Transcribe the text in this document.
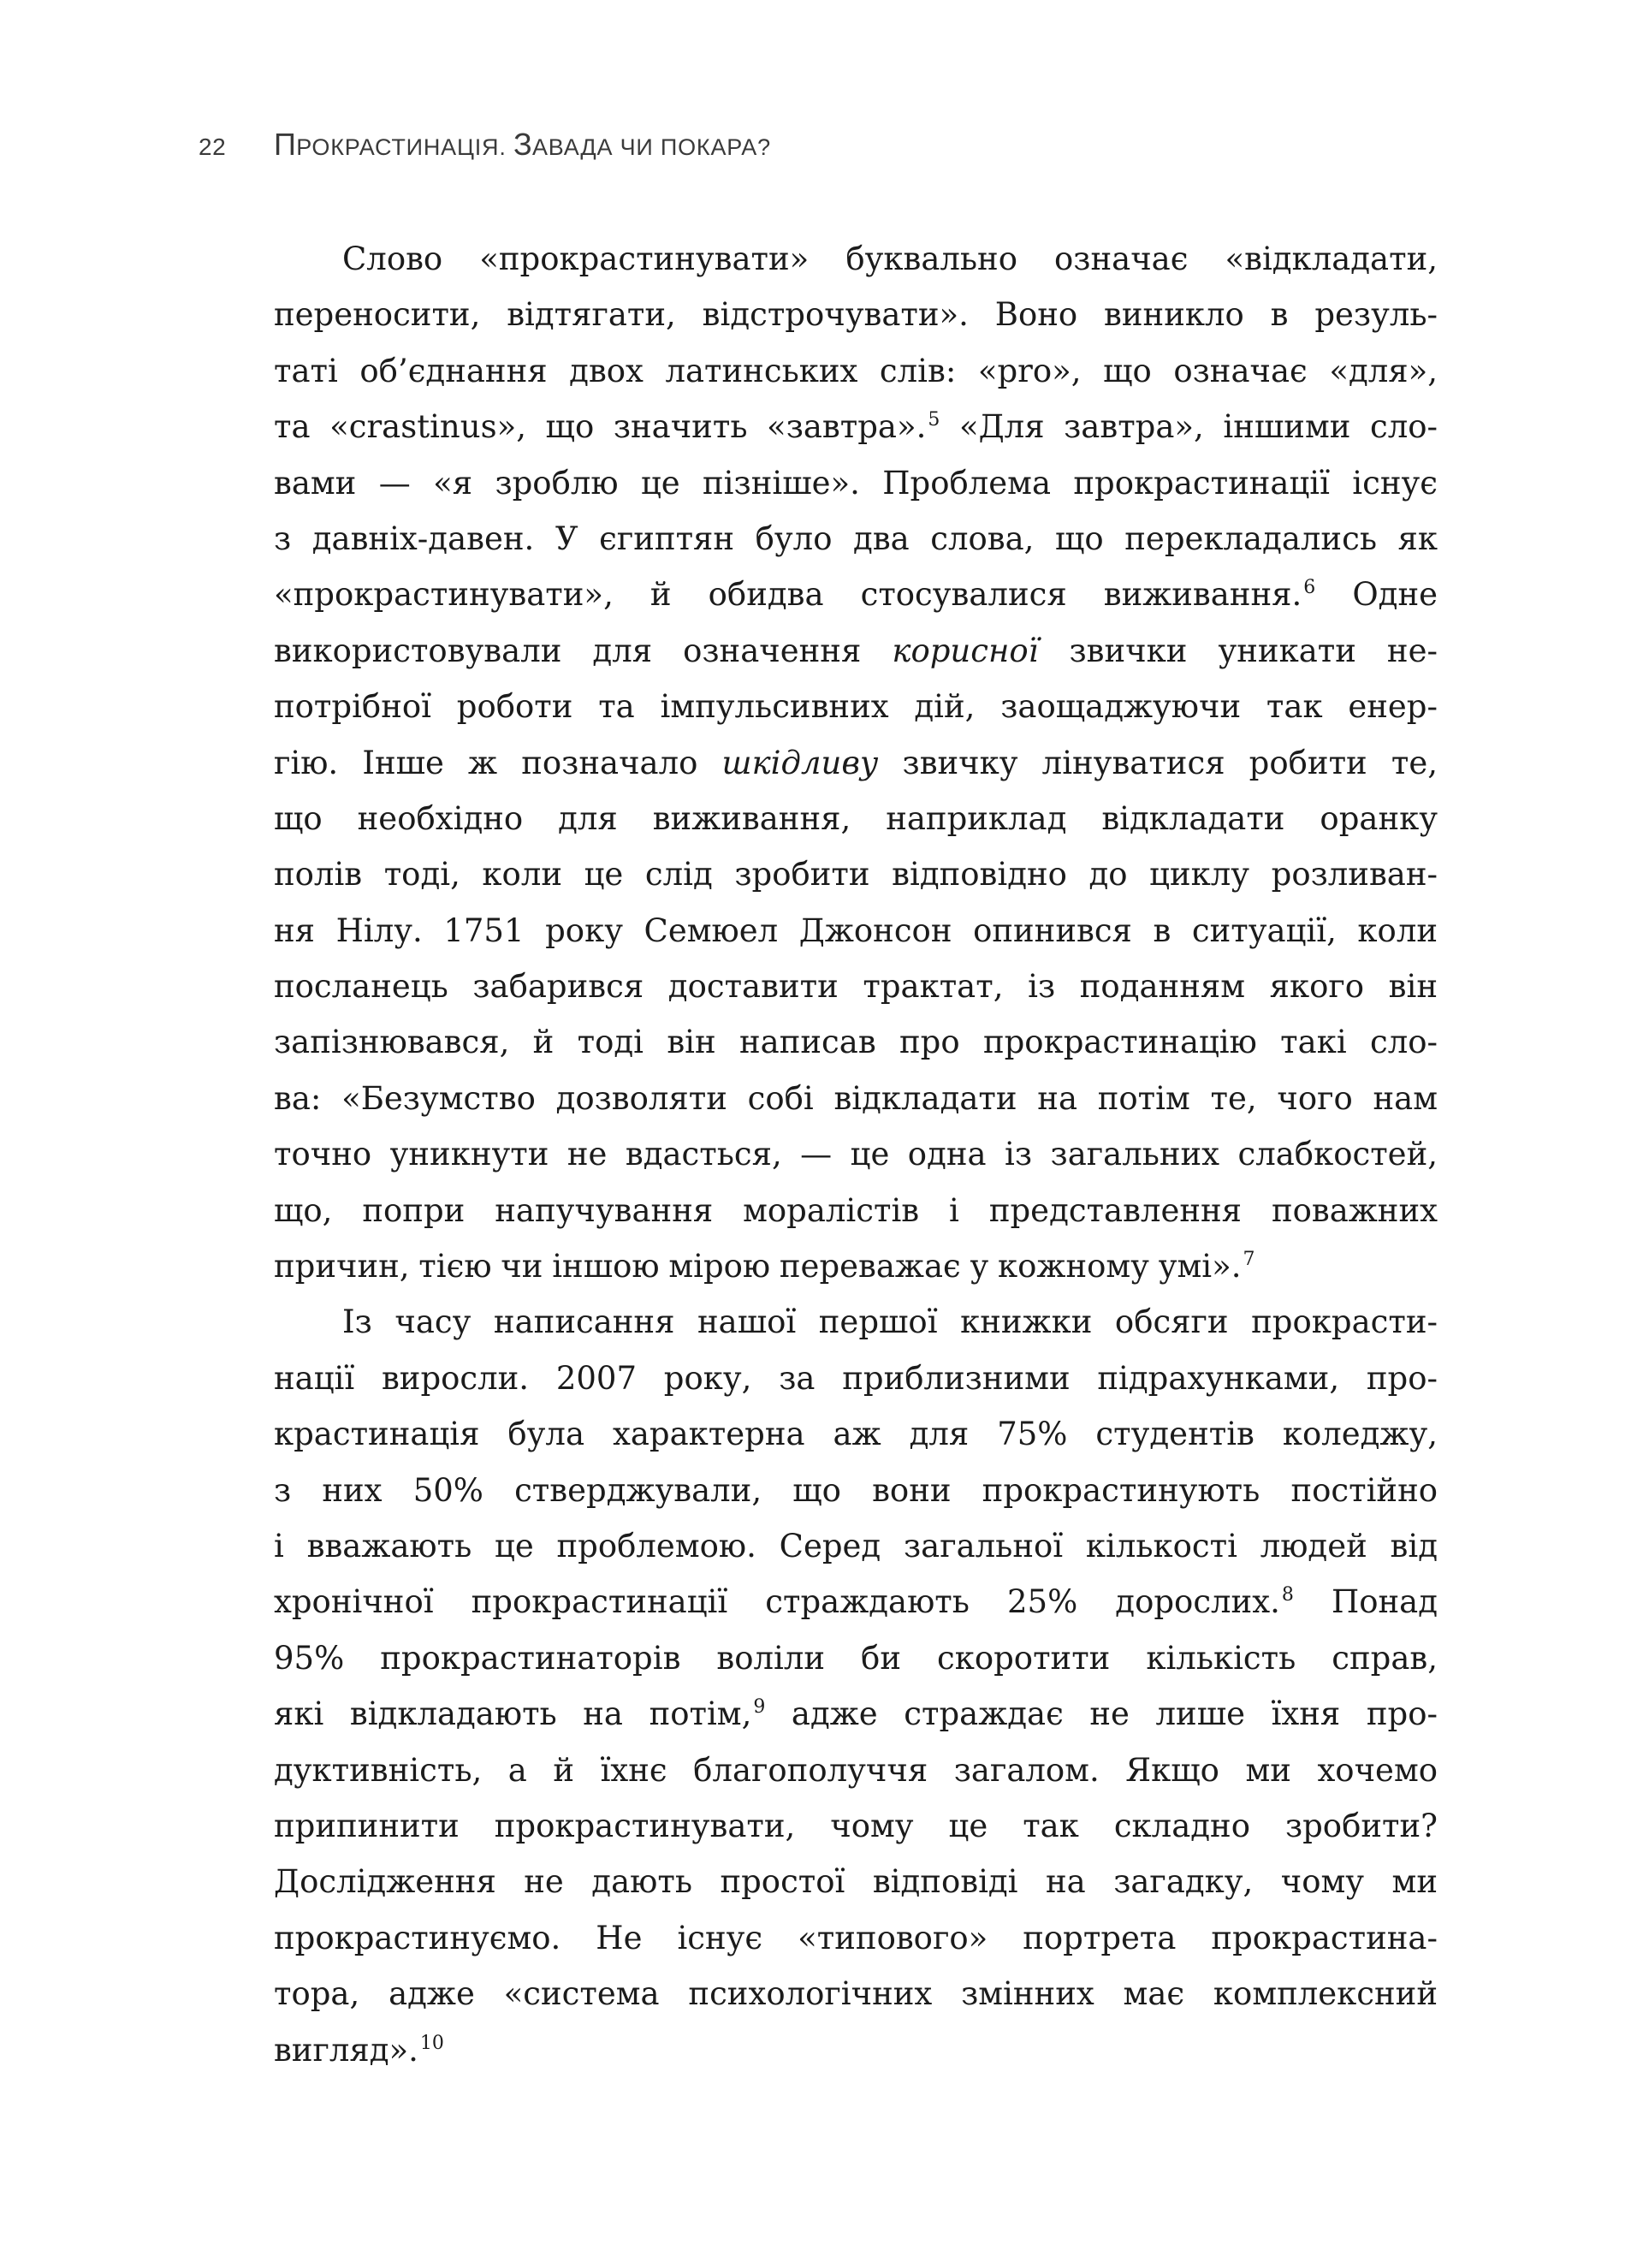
22	ПРОКРАСТИНАЦІЯ. ЗАВАДА ЧИ ПОКАРА?
Слово «прокрастинувати» буквально означає «відкладати,
переносити, відтягати, відстрочувати». Воно виникло в резуль-
таті об’єднання двох латинських слів: «pro», що означає «для»,
та «crastinus», що значить «завтра».$^5$ «Для завтра», іншими сло-
вами — «я зроблю це пізніше». Проблема прокрастинації існує
з давніх-давен. У єгиптян було два слова, що перекладались як
«прокрастинувати», й обидва стосувалися виживання.$^6$ Одне
використовували для означення корисної звички уникати не-
потрібної роботи та імпульсивних дій, заощаджуючи так енер-
гію. Інше ж позначало шкідливу звичку лінуватися робити те,
що необхідно для виживання, наприклад відкладати оранку
полів тоді, коли це слід зробити відповідно до циклу розливан-
ня Нілу. 1751 року Семюел Джонсон опинився в ситуації, коли
посланець забарився доставити трактат, із поданням якого він
запізнювався, й тоді він написав про прокрастинацію такі сло-
ва: «Безумство дозволяти собі відкладати на потім те, чого нам
точно уникнути не вдасться, — це одна із загальних слабкостей,
що, попри напучування моралістів і представлення поважних
причин, тією чи іншою мірою переважає у кожному умі».$^7$
Із часу написання нашої першої книжки обсяги прокрасти-
нації виросли. 2007 року, за приблизними підрахунками, про-
крастинація була характерна аж для 75% студентів коледжу,
з них 50% стверджували, що вони прокрастинують постійно
і вважають це проблемою. Серед загальної кількості людей від
хронічної прокрастинації страждають 25% дорослих.$^8$ Понад
95% прокрастинаторів воліли би скоротити кількість справ,
які відкладають на потім,$^9$ адже страждає не лише їхня про-
дуктивність, а й їхнє благополуччя загалом. Якщо ми хочемо
припинити прокрастинувати, чому це так складно зробити?
Дослідження не дають простої відповіді на загадку, чому ми
прокрастинуємо. Не існує «типового» портрета прокрастина-
тора, адже «система психологічних змінних має комплексний
вигляд».$^{10}$
